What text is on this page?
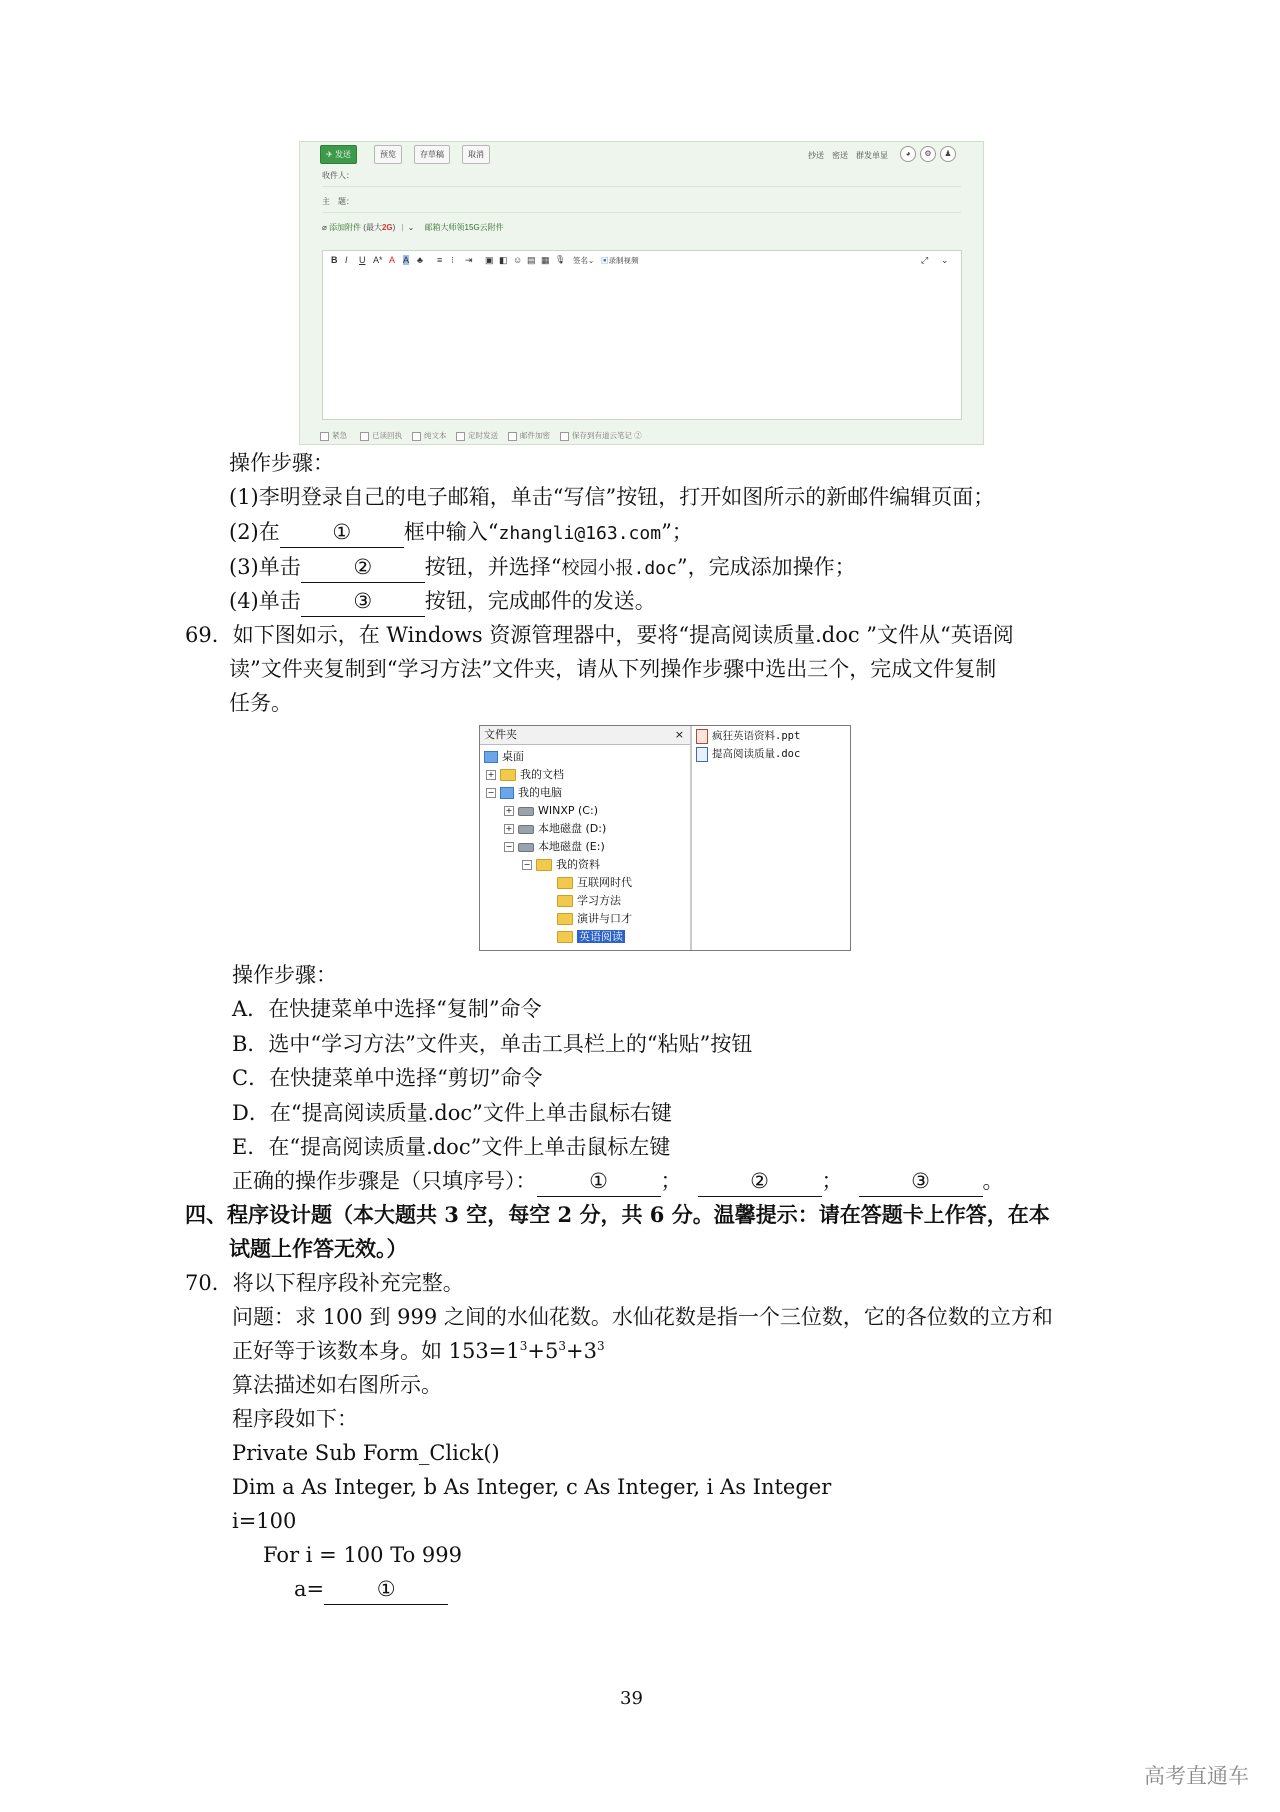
✈ 发送	预览	存草稿	取消	抄送 密送 群发单显	◕	⚙	♟
收件人：
主　题：
⌀ 添加附件 (最大2G) | ⌄ 邮箱大师领15G云附件
B I U A* A A ♣ ≡ ⁝ ⇥ ▣ ◧ ☺ ▤ ▦ 🎙 签名⌄ ▣录制视频	⤢ ⌄
紧急	已读回执	纯文本	定时发送	邮件加密	保存到有道云笔记 ②
操作步骤：
(1)李明登录自己的电子邮箱，单击“写信”按钮，打开如图所示的新邮件编辑页面；
(2)在	①	框中输入“zhangli@163.com”；
(3)单击	②	按钮，并选择“校园小报.doc”，完成添加操作；
(4)单击	③	按钮，完成邮件的发送。
69．如下图如示，在 Windows 资源管理器中，要将“提高阅读质量.doc ”文件从“英语阅
读”文件夹复制到“学习方法”文件夹，请从下列操作步骤中选出三个，完成文件复制
任务。
文件夹	×
桌面
+ 我的文档
− 我的电脑
+ WINXP (C:)
+ 本地磁盘 (D:)
− 本地磁盘 (E:)
− 我的资料
互联网时代
学习方法
演讲与口才
英语阅读
疯狂英语资料.ppt
提高阅读质量.doc
操作步骤：
A．在快捷菜单中选择“复制”命令
B．选中“学习方法”文件夹，单击工具栏上的“粘贴”按钮
C．在快捷菜单中选择“剪切”命令
D．在“提高阅读质量.doc”文件上单击鼠标右键
E．在“提高阅读质量.doc”文件上单击鼠标左键
正确的操作步骤是（只填序号）：	①	；	②	；	③	。
四、程序设计题（本大题共 3 空，每空 2 分，共 6 分。温馨提示：请在答题卡上作答，在本
试题上作答无效。）
70．将以下程序段补充完整。
问题：求 100 到 999 之间的水仙花数。水仙花数是指一个三位数，它的各位数的立方和
正好等于该数本身。如 $153=1^3+5^3+3^3$
算法描述如右图所示。
程序段如下：
Private Sub Form_Click()
Dim a As Integer, b As Integer, c As Integer, i As Integer
i=100
For i = 100 To 999
a=	①
39
高考直通车
